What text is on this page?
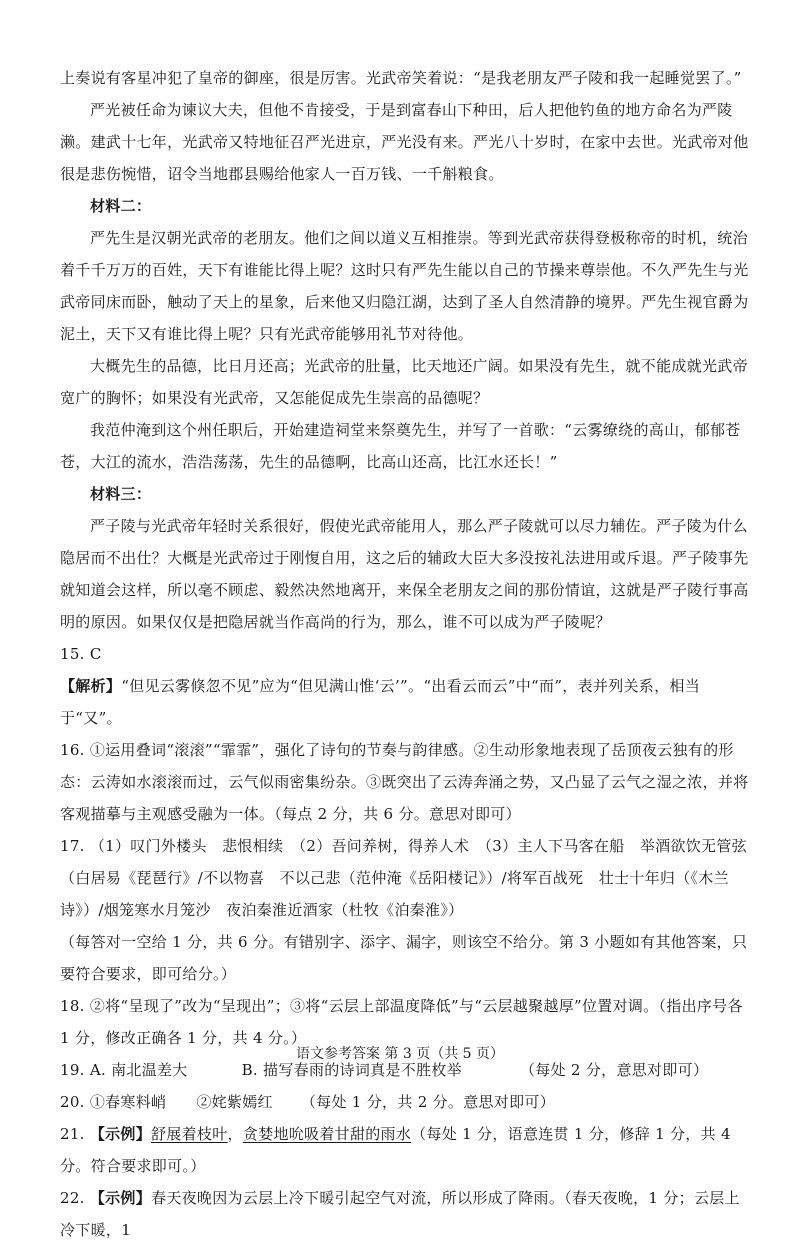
上奏说有客星冲犯了皇帝的御座，很是厉害。光武帝笑着说：“是我老朋友严子陵和我一起睡觉罢了。”

严光被任命为谏议大夫，但他不肯接受，于是到富春山下种田，后人把他钓鱼的地方命名为严陵濑。建武十七年，光武帝又特地征召严光进京，严光没有来。严光八十岁时，在家中去世。光武帝对他很是悲伤惋惜，诏令当地郡县赐给他家人一百万钱、一千斛粮食。

材料二：

严先生是汉朝光武帝的老朋友。他们之间以道义互相推崇。等到光武帝获得登极称帝的时机，统治着千千万万的百姓，天下有谁能比得上呢？这时只有严先生能以自己的节操来尊崇他。不久严先生与光武帝同床而卧，触动了天上的星象，后来他又归隐江湖，达到了圣人自然清静的境界。严先生视官爵为泥土，天下又有谁比得上呢？只有光武帝能够用礼节对待他。

大概先生的品德，比日月还高；光武帝的肚量，比天地还广阔。如果没有先生，就不能成就光武帝宽广的胸怀；如果没有光武帝，又怎能促成先生崇高的品德呢？

我范仲淹到这个州任职后，开始建造祠堂来祭奠先生，并写了一首歌：“云雾缭绕的高山，郁郁苍苍，大江的流水，浩浩荡荡，先生的品德啊，比高山还高，比江水还长！”

材料三：

严子陵与光武帝年轻时关系很好，假使光武帝能用人，那么严子陵就可以尽力辅佐。严子陵为什么隐居而不出仕？大概是光武帝过于刚愎自用，这之后的辅政大臣大多没按礼法进用或斥退。严子陵事先就知道会这样，所以毫不顾虑、毅然决然地离开，来保全老朋友之间的那份情谊，这就是严子陵行事高明的原因。如果仅仅是把隐居就当作高尚的行为，那么，谁不可以成为严子陵呢？

15. C

【解析】“但见云雾倏忽不见”应为“但见满山惟‘云’”。“出看云而云”中“而”，表并列关系，相当于“又”。

16. ①运用叠词“滚滚”“霏霏”，强化了诗句的节奏与韵律感。②生动形象地表现了岳顶夜云独有的形态：云涛如水滚滚而过，云气似雨密集纷杂。③既突出了云涛奔涌之势，又凸显了云气之湿之浓，并将客观描摹与主观感受融为一体。（每点 2 分，共 6 分。意思对即可）

17. （1）叹门外楼头　悲恨相续　（2）吾问养树，得养人术　（3）主人下马客在船　举酒欲饮无管弦（白居易《琵琶行》/不以物喜　不以己悲（范仲淹《岳阳楼记》）/将军百战死　壮士十年归（《木兰诗》）/烟笼寒水月笼沙　夜泊秦淮近酒家（杜牧《泊秦淮》）

（每答对一空给 1 分，共 6 分。有错别字、添字、漏字，则该空不给分。第 3 小题如有其他答案，只要符合要求，即可给分。）

18. ②将“呈现了”改为“呈现出”；③将“云层上部温度降低”与“云层越聚越厚”位置对调。（指出序号各 1 分，修改正确各 1 分，共 4 分。）

19. A. 南北温差大	B. 描写春雨的诗词真是不胜枚举	（每处 2 分，意思对即可）

20. ①春寒料峭 ②姹紫嫣红 （每处 1 分，共 2 分。意思对即可）

21. 【示例】舒展着枝叶，贪婪地吮吸着甘甜的雨水（每处 1 分，语意连贯 1 分，修辞 1 分，共 4 分。符合要求即可。）

22. 【示例】春天夜晚因为云层上冷下暖引起空气对流，所以形成了降雨。（春天夜晚，1 分；云层上冷下暖，1

语文参考答案 第 3 页（共 5 页）
